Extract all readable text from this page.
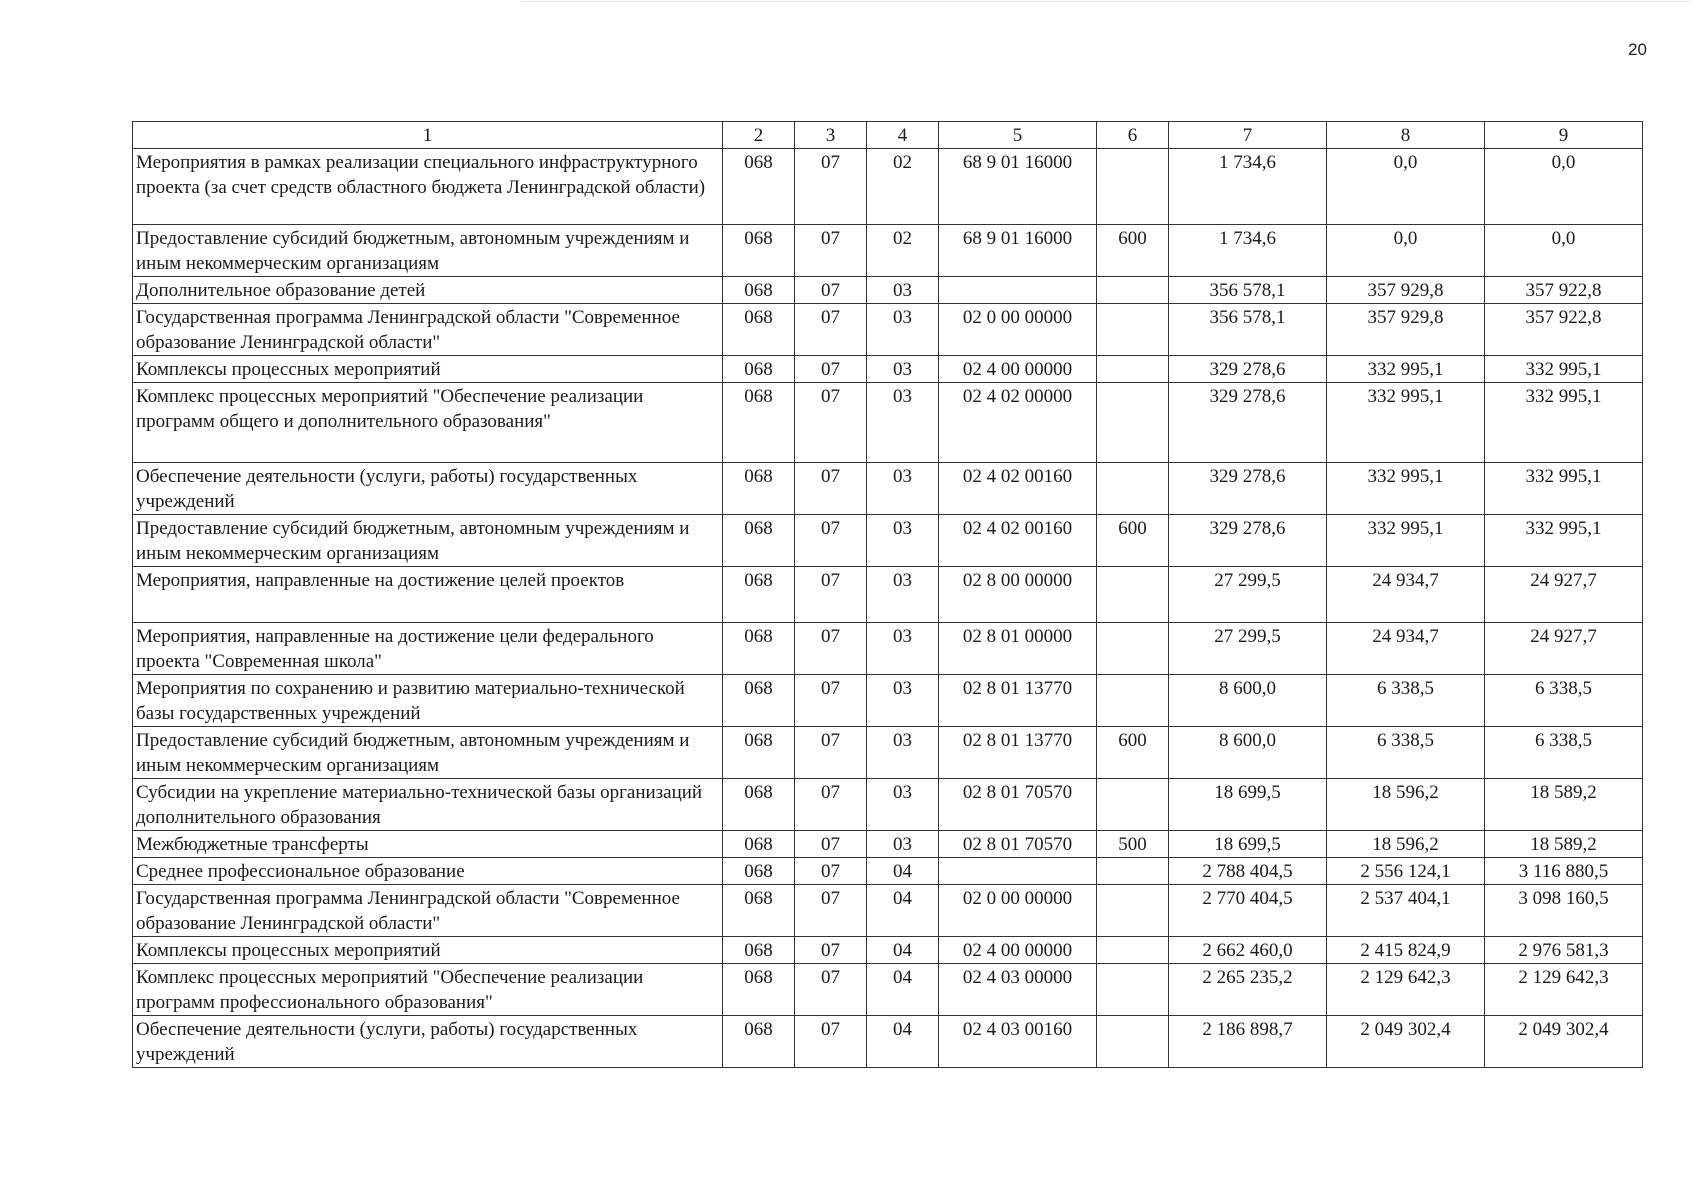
20
1	2	3	4	5	6	7	8	9
Мероприятия в рамках реализации специального инфраструктурного проекта (за счет средств областного бюджета Ленинградской области)	068	07	02	68 9 01 16000		1 734,6	0,0	0,0
Предоставление субсидий бюджетным, автономным учреждениям и иным некоммерческим организациям	068	07	02	68 9 01 16000	600	1 734,6	0,0	0,0
Дополнительное образование детей	068	07	03			356 578,1	357 929,8	357 922,8
Государственная программа Ленинградской области "Современное образование Ленинградской области"	068	07	03	02 0 00 00000		356 578,1	357 929,8	357 922,8
Комплексы процессных мероприятий	068	07	03	02 4 00 00000		329 278,6	332 995,1	332 995,1
Комплекс процессных мероприятий "Обеспечение реализации программ общего и дополнительного образования"	068	07	03	02 4 02 00000		329 278,6	332 995,1	332 995,1
Обеспечение деятельности (услуги, работы) государственных учреждений	068	07	03	02 4 02 00160		329 278,6	332 995,1	332 995,1
Предоставление субсидий бюджетным, автономным учреждениям и иным некоммерческим организациям	068	07	03	02 4 02 00160	600	329 278,6	332 995,1	332 995,1
Мероприятия, направленные на достижение целей проектов	068	07	03	02 8 00 00000		27 299,5	24 934,7	24 927,7
Мероприятия, направленные на достижение цели федерального проекта "Современная школа"	068	07	03	02 8 01 00000		27 299,5	24 934,7	24 927,7
Мероприятия по сохранению и развитию материально-технической базы государственных учреждений	068	07	03	02 8 01 13770		8 600,0	6 338,5	6 338,5
Предоставление субсидий бюджетным, автономным учреждениям и иным некоммерческим организациям	068	07	03	02 8 01 13770	600	8 600,0	6 338,5	6 338,5
Субсидии на укрепление материально-технической базы организаций дополнительного образования	068	07	03	02 8 01 70570		18 699,5	18 596,2	18 589,2
Межбюджетные трансферты	068	07	03	02 8 01 70570	500	18 699,5	18 596,2	18 589,2
Среднее профессиональное образование	068	07	04			2 788 404,5	2 556 124,1	3 116 880,5
Государственная программа Ленинградской области "Современное образование Ленинградской области"	068	07	04	02 0 00 00000		2 770 404,5	2 537 404,1	3 098 160,5
Комплексы процессных мероприятий	068	07	04	02 4 00 00000		2 662 460,0	2 415 824,9	2 976 581,3
Комплекс процессных мероприятий "Обеспечение реализации программ профессионального образования"	068	07	04	02 4 03 00000		2 265 235,2	2 129 642,3	2 129 642,3
Обеспечение деятельности (услуги, работы) государственных учреждений	068	07	04	02 4 03 00160		2 186 898,7	2 049 302,4	2 049 302,4
